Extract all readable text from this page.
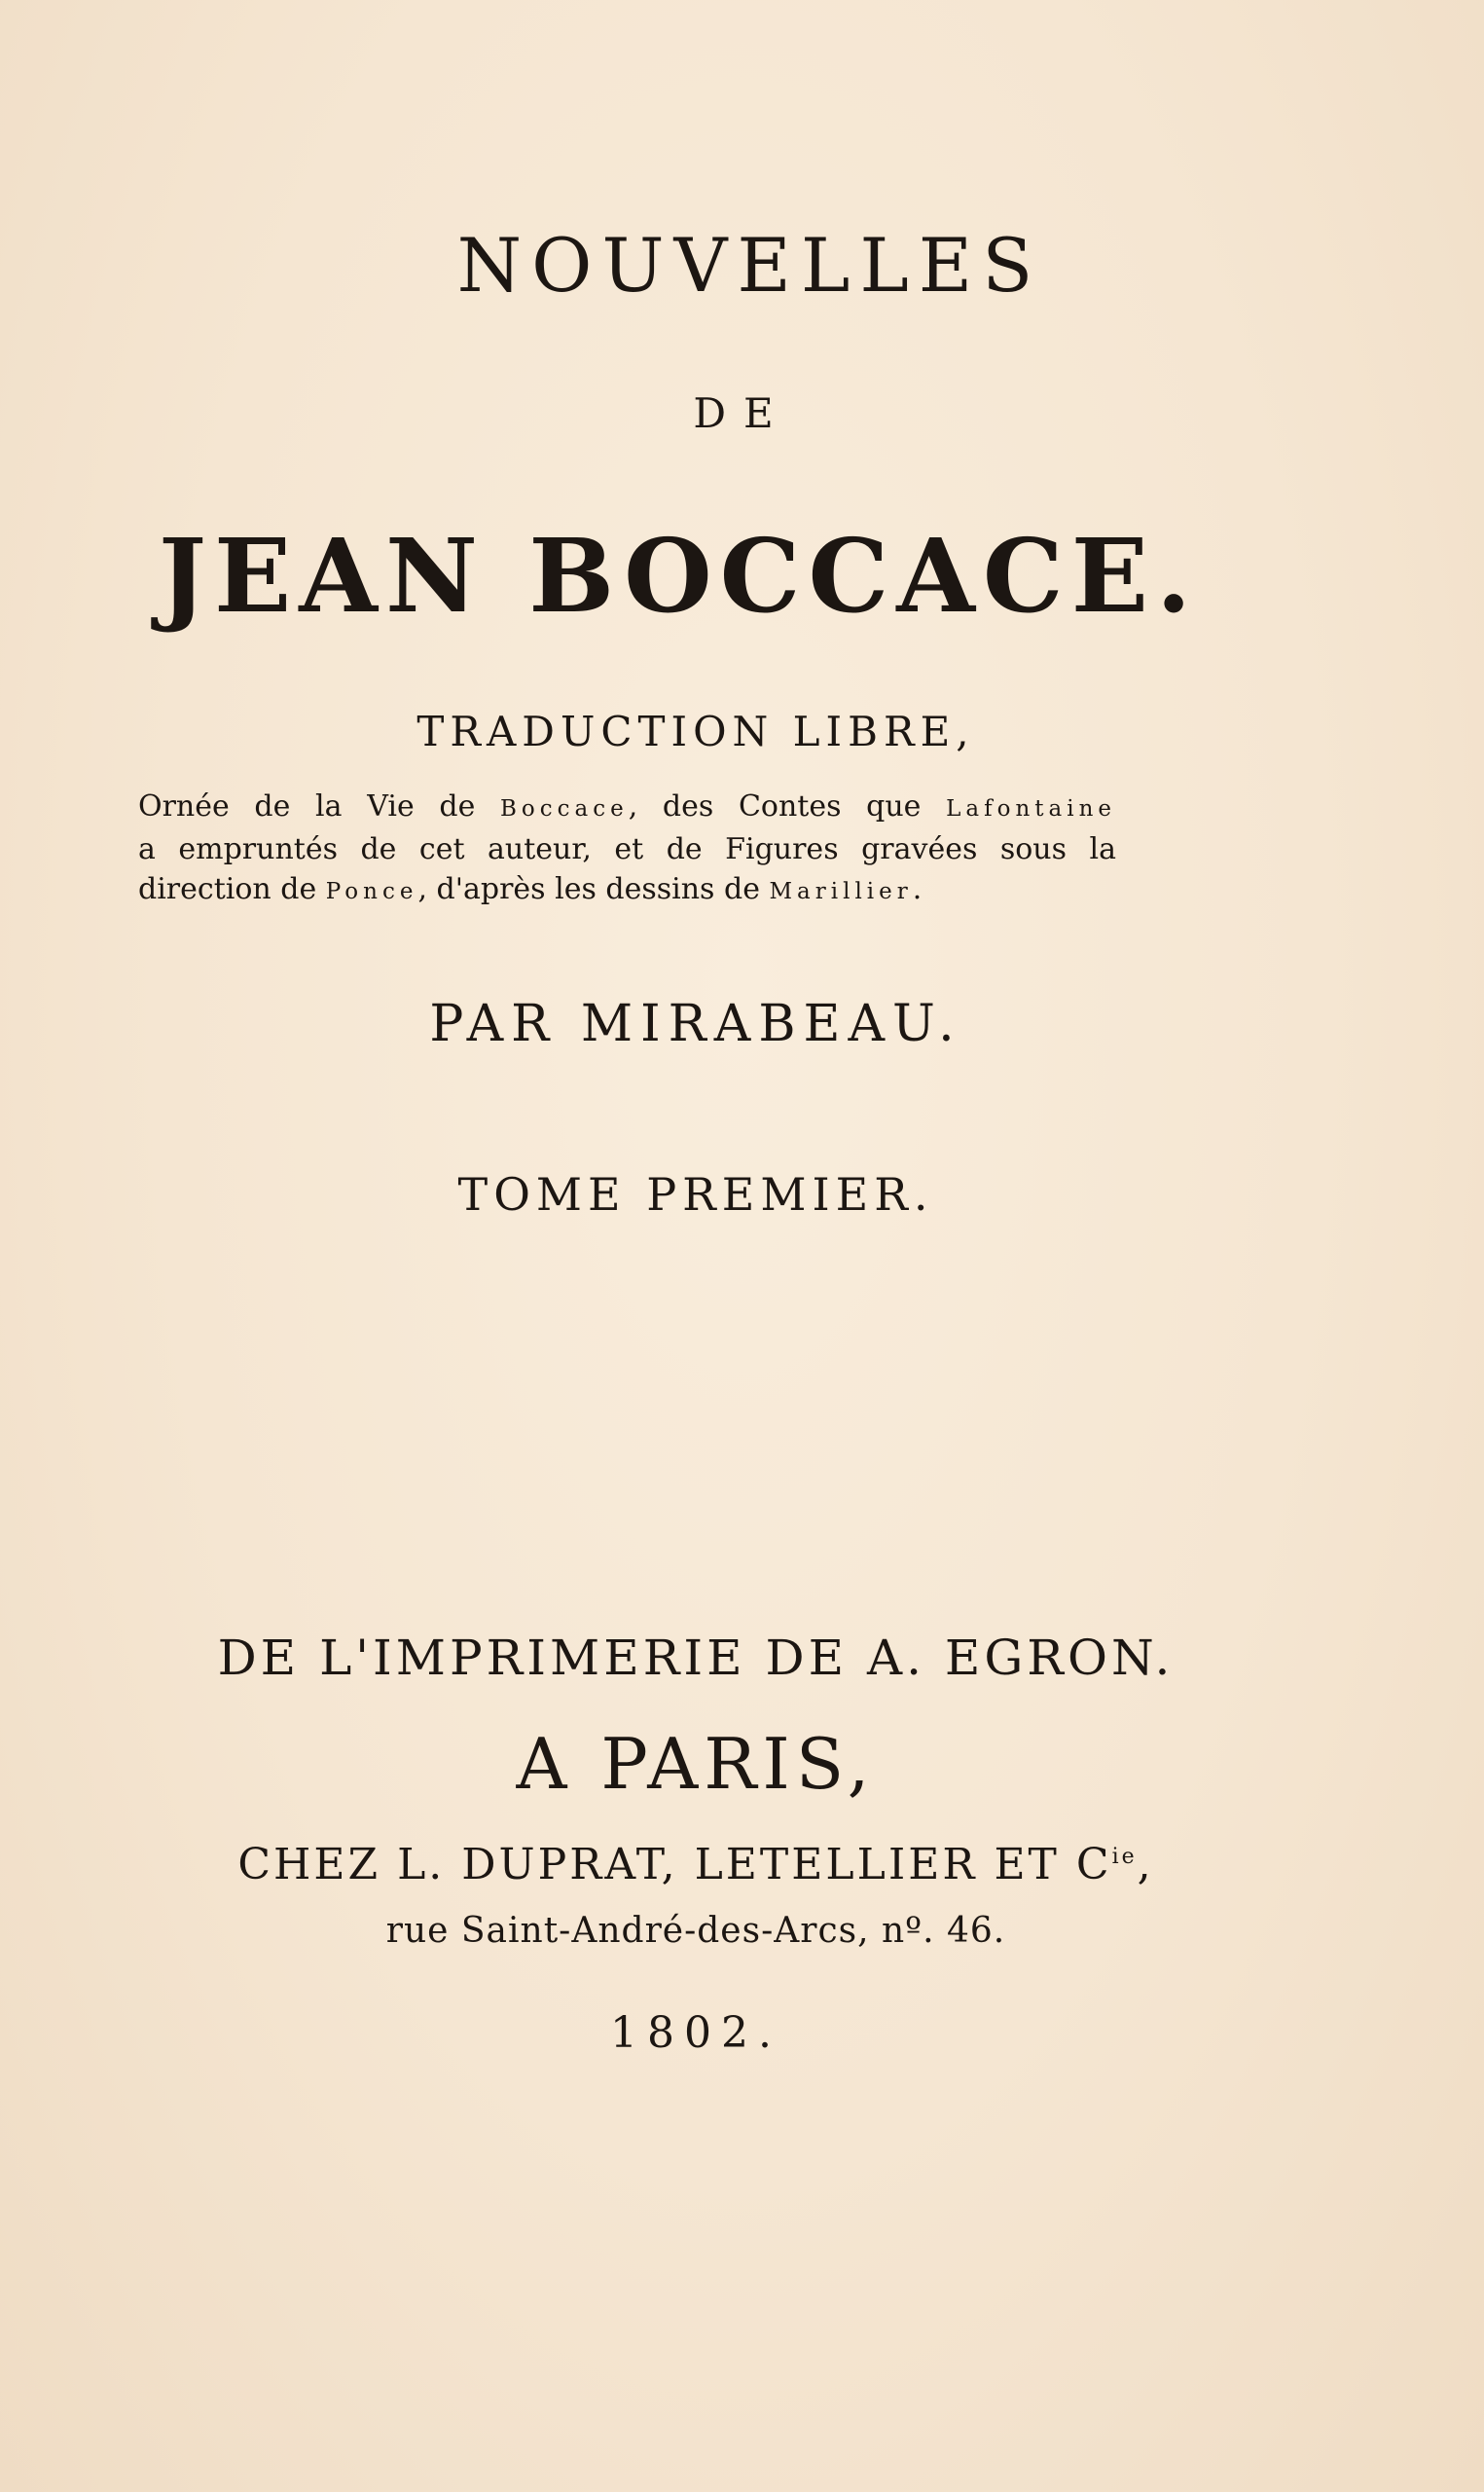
NOUVELLES
DE
JEAN BOCCACE.
TRADUCTION LIBRE,
Ornée de la Vie de Boccace, des Contes que Lafontaine
a empruntés de cet auteur, et de Figures gravées sous la
direction de Ponce, d'après les dessins de Marillier.
PAR MIRABEAU.
TOME PREMIER.
DE L'IMPRIMERIE DE A. EGRON.
A PARIS,
CHEZ L. DUPRAT, LETELLIER ET $C^{ie}$,
rue Saint-André-des-Arcs, nº. 46.
1802.
